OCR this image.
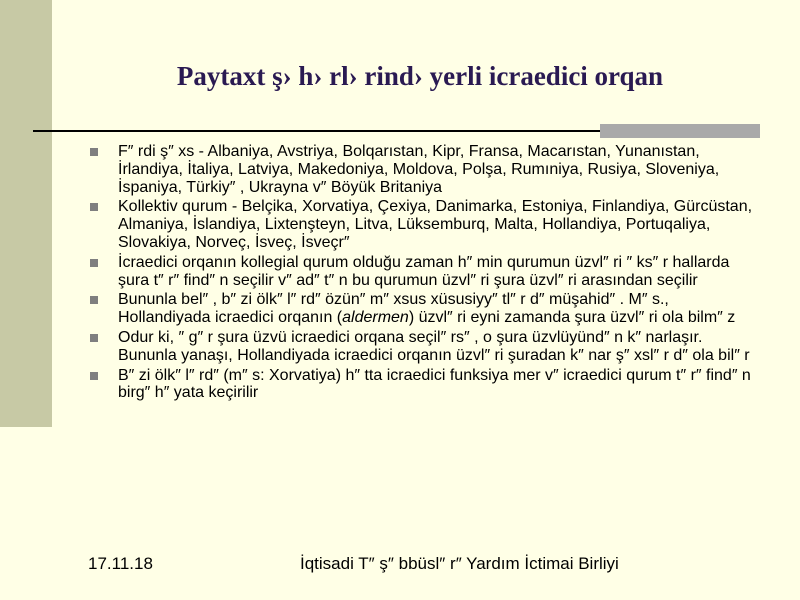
Paytaxt ş› h› rl› rind› yerli icraedici orqan
F″ rdi ş″ xs - Albaniya, Avstriya, Bolqarıstan, Kipr, Fransa, Macarıstan, Yunanıstan, İrlandiya, İtaliya, Latviya, Makedoniya, Moldova, Polşa, Rumıniya, Rusiya, Sloveniya, İspaniya, Türkiy″ , Ukrayna v″ Böyük Britaniya
Kollektiv qurum - Belçika, Xorvatiya, Çexiya, Danimarka, Estoniya, Finlandiya, Gürcüstan, Almaniya, İslandiya, Lixtenşteyn, Litva, Lüksemburq, Malta, Hollandiya, Portuqaliya, Slovakiya, Norveç, İsveç, İsveçr″
İcraedici orqanın kollegial qurum olduğu zaman h″ min qurumun üzvl″ ri ″ ks″ r hallarda şura t″ r″ find″ n seçilir v″ ad″ t″ n bu qurumun üzvl″ ri şura üzvl″ ri arasından seçilir
Bununla bel″ , b″ zi ölk″ l″ rd″ özün″ m″ xsus xüsusiyy″ tl″ r d″ müşahid″ . M″ s., Hollandiyada icraedici orqanın (aldermen) üzvl″ ri eyni zamanda şura üzvl″ ri ola bilm″ z
Odur ki, ″ g″ r şura üzvü icraedici orqana seçil″ rs″ , o şura üzvlüyünd″ n k″ narlaşır. Bununla yanaşı, Hollandiyada icraedici orqanın üzvl″ ri şuradan k″ nar ş″ xsl″ r d″ ola bil″ r
B″ zi ölk″ l″ rd″ (m″ s: Xorvatiya) h″ tta icraedici funksiya mer v″ icraedici qurum t″ r″ find″ n birg″ h″ yata keçirilir
17.11.18	İqtisadi T″ ş″ bbüsl″ r″ Yardım İctimai Birliyi
